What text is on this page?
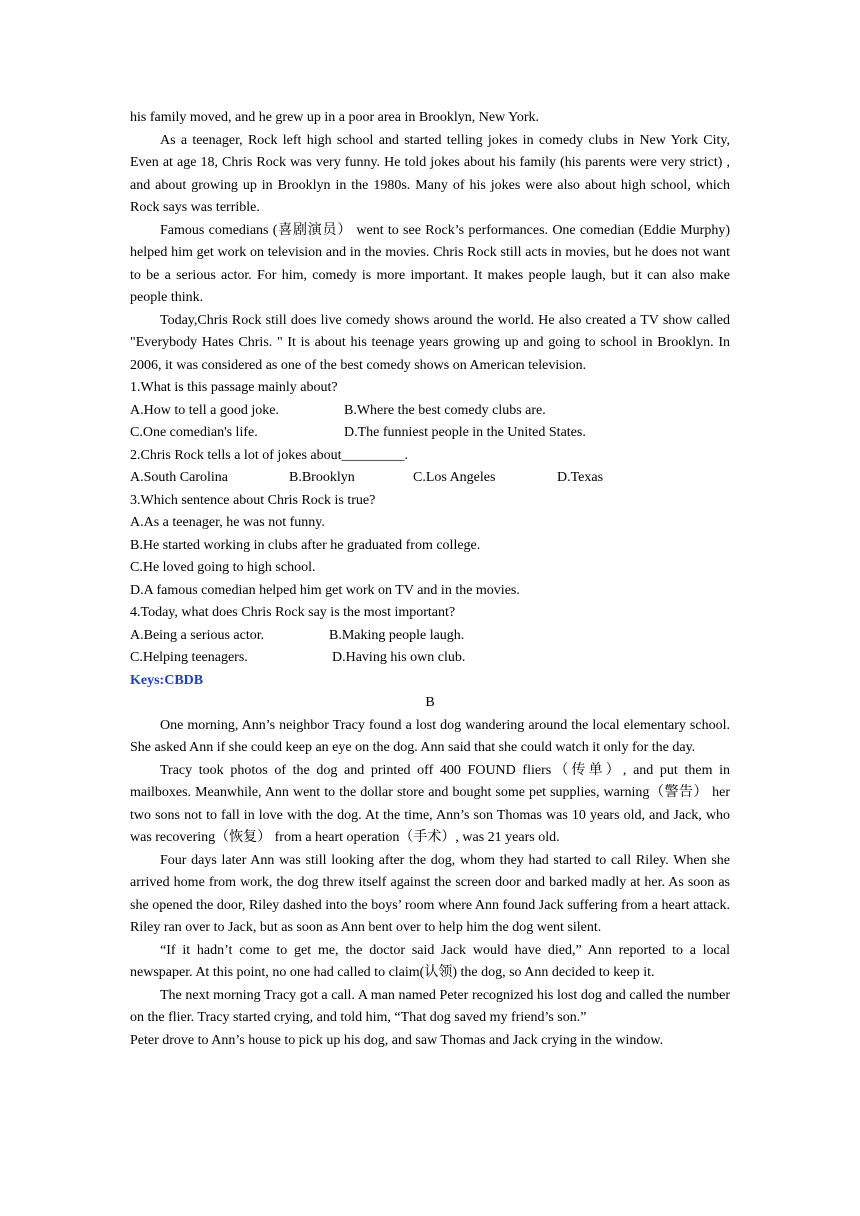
his family moved, and he grew up in a poor area in Brooklyn, New York.

As a teenager, Rock left high school and started telling jokes in comedy clubs in New York City, Even at age 18, Chris Rock was very funny. He told jokes about his family (his parents were very strict) , and about growing up in Brooklyn in the 1980s. Many of his jokes were also about high school, which Rock says was terrible.

Famous comedians (喜剧演员） went to see Rock’s performances. One comedian (Eddie Murphy) helped him get work on television and in the movies. Chris Rock still acts in movies, but he does not want to be a serious actor. For him, comedy is more important. It makes people laugh, but it can also make people think.

Today,Chris Rock still does live comedy shows around the world. He also created a TV show called "Everybody Hates Chris. " It is about his teenage years growing up and going to school in Brooklyn. In 2006, it was considered as one of the best comedy shows on American television.

1.What is this passage mainly about?

A.How to tell a good joke.	B.Where the best comedy clubs are.
C.One comedian's life.	D.The funniest people in the United States.

2.Chris Rock tells a lot of jokes about_________.

A.South Carolina	B.Brooklyn	C.Los Angeles	D.Texas

3.Which sentence about Chris Rock is true?

A.As a teenager, he was not funny.

B.He started working in clubs after he graduated from college.

C.He loved going to high school.

D.A famous comedian helped him get work on TV and in the movies.

4.Today, what does Chris Rock say is the most important?

A.Being a serious actor.	B.Making people laugh.
C.Helping teenagers.	D.Having his own club.

Keys:CBDB

B

One morning, Ann’s neighbor Tracy found a lost dog wandering around the local elementary school. She asked Ann if she could keep an eye on the dog. Ann said that she could watch it only for the day.

Tracy took photos of the dog and printed off 400 FOUND fliers（传单）, and put them in mailboxes. Meanwhile, Ann went to the dollar store and bought some pet supplies, warning（警告） her two sons not to fall in love with the dog. At the time, Ann’s son Thomas was 10 years old, and Jack, who was recovering（恢复） from a heart operation（手术）, was 21 years old.

Four days later Ann was still looking after the dog, whom they had started to call Riley. When she arrived home from work, the dog threw itself against the screen door and barked madly at her. As soon as she opened the door, Riley dashed into the boys’ room where Ann found Jack suffering from a heart attack. Riley ran over to Jack, but as soon as Ann bent over to help him the dog went silent.

“If it hadn’t come to get me, the doctor said Jack would have died,” Ann reported to a local newspaper. At this point, no one had called to claim(认领) the dog, so Ann decided to keep it.

The next morning Tracy got a call. A man named Peter recognized his lost dog and called the number on the flier. Tracy started crying, and told him, “That dog saved my friend’s son.”

Peter drove to Ann’s house to pick up his dog, and saw Thomas and Jack crying in the window.
